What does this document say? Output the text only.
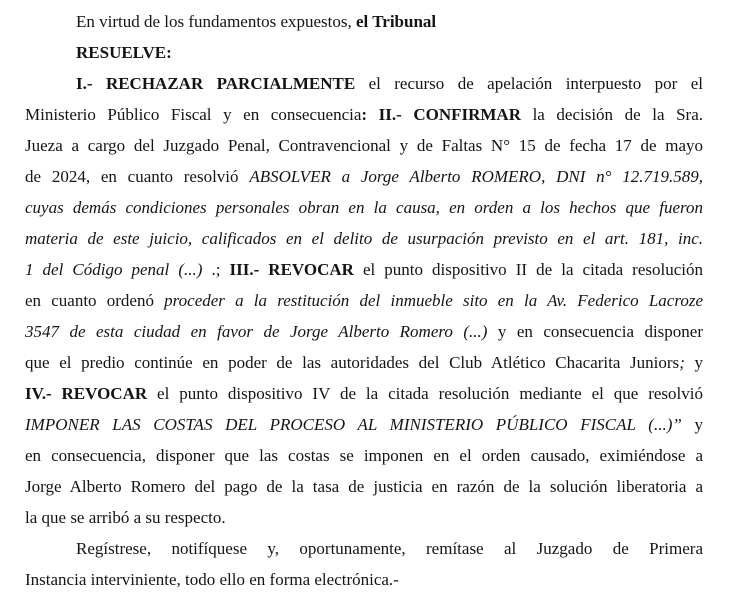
En virtud de los fundamentos expuestos, el Tribunal
RESUELVE:
I.- RECHAZAR PARCIALMENTE el recurso de apelación interpuesto por el
Ministerio Público Fiscal y en consecuencia: II.- CONFIRMAR la decisión de la Sra.
Jueza a cargo del Juzgado Penal, Contravencional y de Faltas N° 15 de fecha 17 de mayo
de 2024, en cuanto resolvió ABSOLVER a Jorge Alberto ROMERO, DNI n° 12.719.589,
cuyas demás condiciones personales obran en la causa, en orden a los hechos que fueron
materia de este juicio, calificados en el delito de usurpación previsto en el art. 181, inc.
1 del Código penal (...) .; III.- REVOCAR el punto dispositivo II de la citada resolución
en cuanto ordenó proceder a la restitución del inmueble sito en la Av. Federico Lacroze
3547 de esta ciudad en favor de Jorge Alberto Romero (...) y en consecuencia disponer
que el predio continúe en poder de las autoridades del Club Atlético Chacarita Juniors; y
IV.- REVOCAR el punto dispositivo IV de la citada resolución mediante el que resolvió
IMPONER LAS COSTAS DEL PROCESO AL MINISTERIO PÚBLICO FISCAL (...)” y
en consecuencia, disponer que las costas se imponen en el orden causado, eximiéndose a
Jorge Alberto Romero del pago de la tasa de justicia en razón de la solución liberatoria a
la que se arribó a su respecto.
Regístrese, notifíquese y, oportunamente, remítase al Juzgado de Primera
Instancia interviniente, todo ello en forma electrónica.-
